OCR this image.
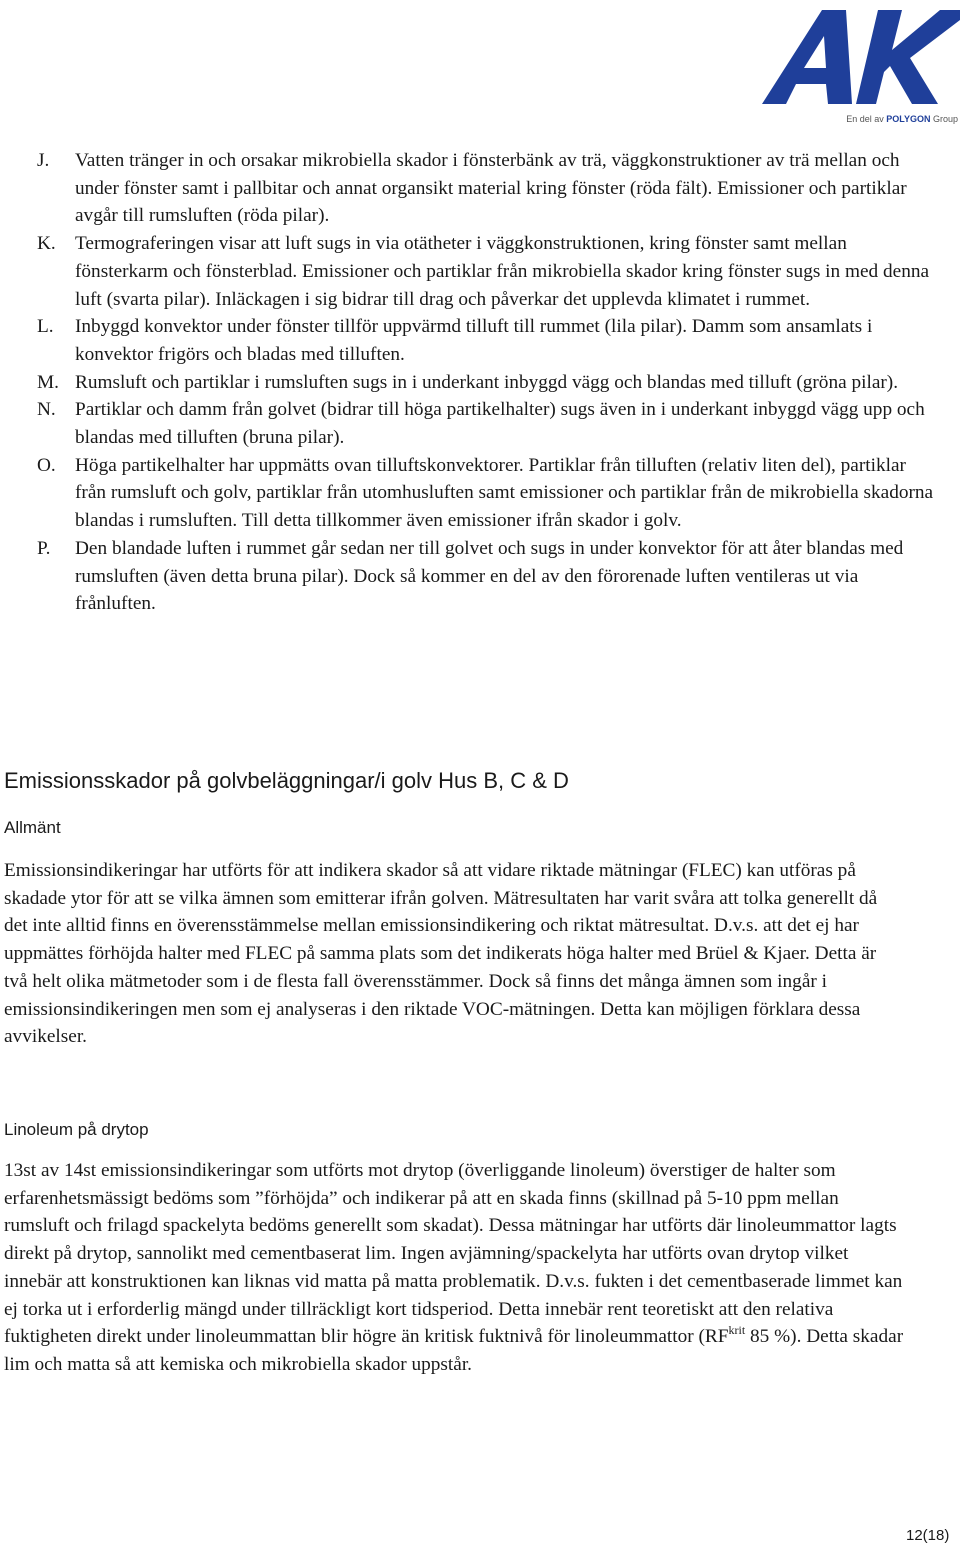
En del av POLYGON Group
J. Vatten tränger in och orsakar mikrobiella skador i fönsterbänk av trä, väggkonstruktioner av trä mellan och under fönster samt i pallbitar och annat organsikt material kring fönster (röda fält). Emissioner och partiklar avgår till rumsluften (röda pilar).
K. Termograferingen visar att luft sugs in via otätheter i väggkonstruktionen, kring fönster samt mellan fönsterkarm och fönsterblad. Emissioner och partiklar från mikrobiella skador kring fönster sugs in med denna luft (svarta pilar). Inläckagen i sig bidrar till drag och påverkar det upplevda klimatet i rummet.
L. Inbyggd konvektor under fönster tillför uppvärmd tilluft till rummet (lila pilar). Damm som ansamlats i konvektor frigörs och bladas med tilluften.
M. Rumsluft och partiklar i rumsluften sugs in i underkant inbyggd vägg och blandas med tilluft (gröna pilar).
N. Partiklar och damm från golvet (bidrar till höga partikelhalter) sugs även in i underkant inbyggd vägg upp och blandas med tilluften (bruna pilar).
O. Höga partikelhalter har uppmätts ovan tilluftskonvektorer. Partiklar från tilluften (relativ liten del), partiklar från rumsluft och golv, partiklar från utomhusluften samt emissioner och partiklar från de mikrobiella skadorna blandas i rumsluften. Till detta tillkommer även emissioner ifrån skador i golv.
P. Den blandade luften i rummet går sedan ner till golvet och sugs in under konvektor för att åter blandas med rumsluften (även detta bruna pilar). Dock så kommer en del av den förorenade luften ventileras ut via frånluften.
Emissionsskador på golvbeläggningar/i golv Hus B, C & D
Allmänt

Emissionsindikeringar har utförts för att indikera skador så att vidare riktade mätningar (FLEC) kan utföras på skadade ytor för att se vilka ämnen som emitterar ifrån golven. Mätresultaten har varit svåra att tolka generellt då det inte alltid finns en överensstämmelse mellan emissionsindikering och riktat mätresultat. D.v.s. att det ej har uppmättes förhöjda halter med FLEC på samma plats som det indikerats höga halter med Brüel & Kjaer. Detta är två helt olika mätmetoder som i de flesta fall överensstämmer. Dock så finns det många ämnen som ingår i emissionsindikeringen men som ej analyseras i den riktade VOC-mätningen. Detta kan möjligen förklara dessa avvikelser.

Linoleum på drytop

13st av 14st emissionsindikeringar som utförts mot drytop (överliggande linoleum) överstiger de halter som erfarenhetsmässigt bedöms som ”förhöjda” och indikerar på att en skada finns (skillnad på 5-10 ppm mellan rumsluft och frilagd spackelyta bedöms generellt som skadat). Dessa mätningar har utförts där linoleummattor lagts direkt på drytop, sannolikt med cementbaserat lim. Ingen avjämning/spackelyta har utförts ovan drytop vilket innebär att konstruktionen kan liknas vid matta på matta problematik. D.v.s. fukten i det cementbaserade limmet kan ej torka ut i erforderlig mängd under tillräckligt kort tidsperiod. Detta innebär rent teoretiskt att den relativa fuktigheten direkt under linoleummattan blir högre än kritisk fuktnivå för linoleummattor ($RF^{krit}$ 85 %). Detta skadar lim och matta så att kemiska och mikrobiella skador uppstår.

12(18)
